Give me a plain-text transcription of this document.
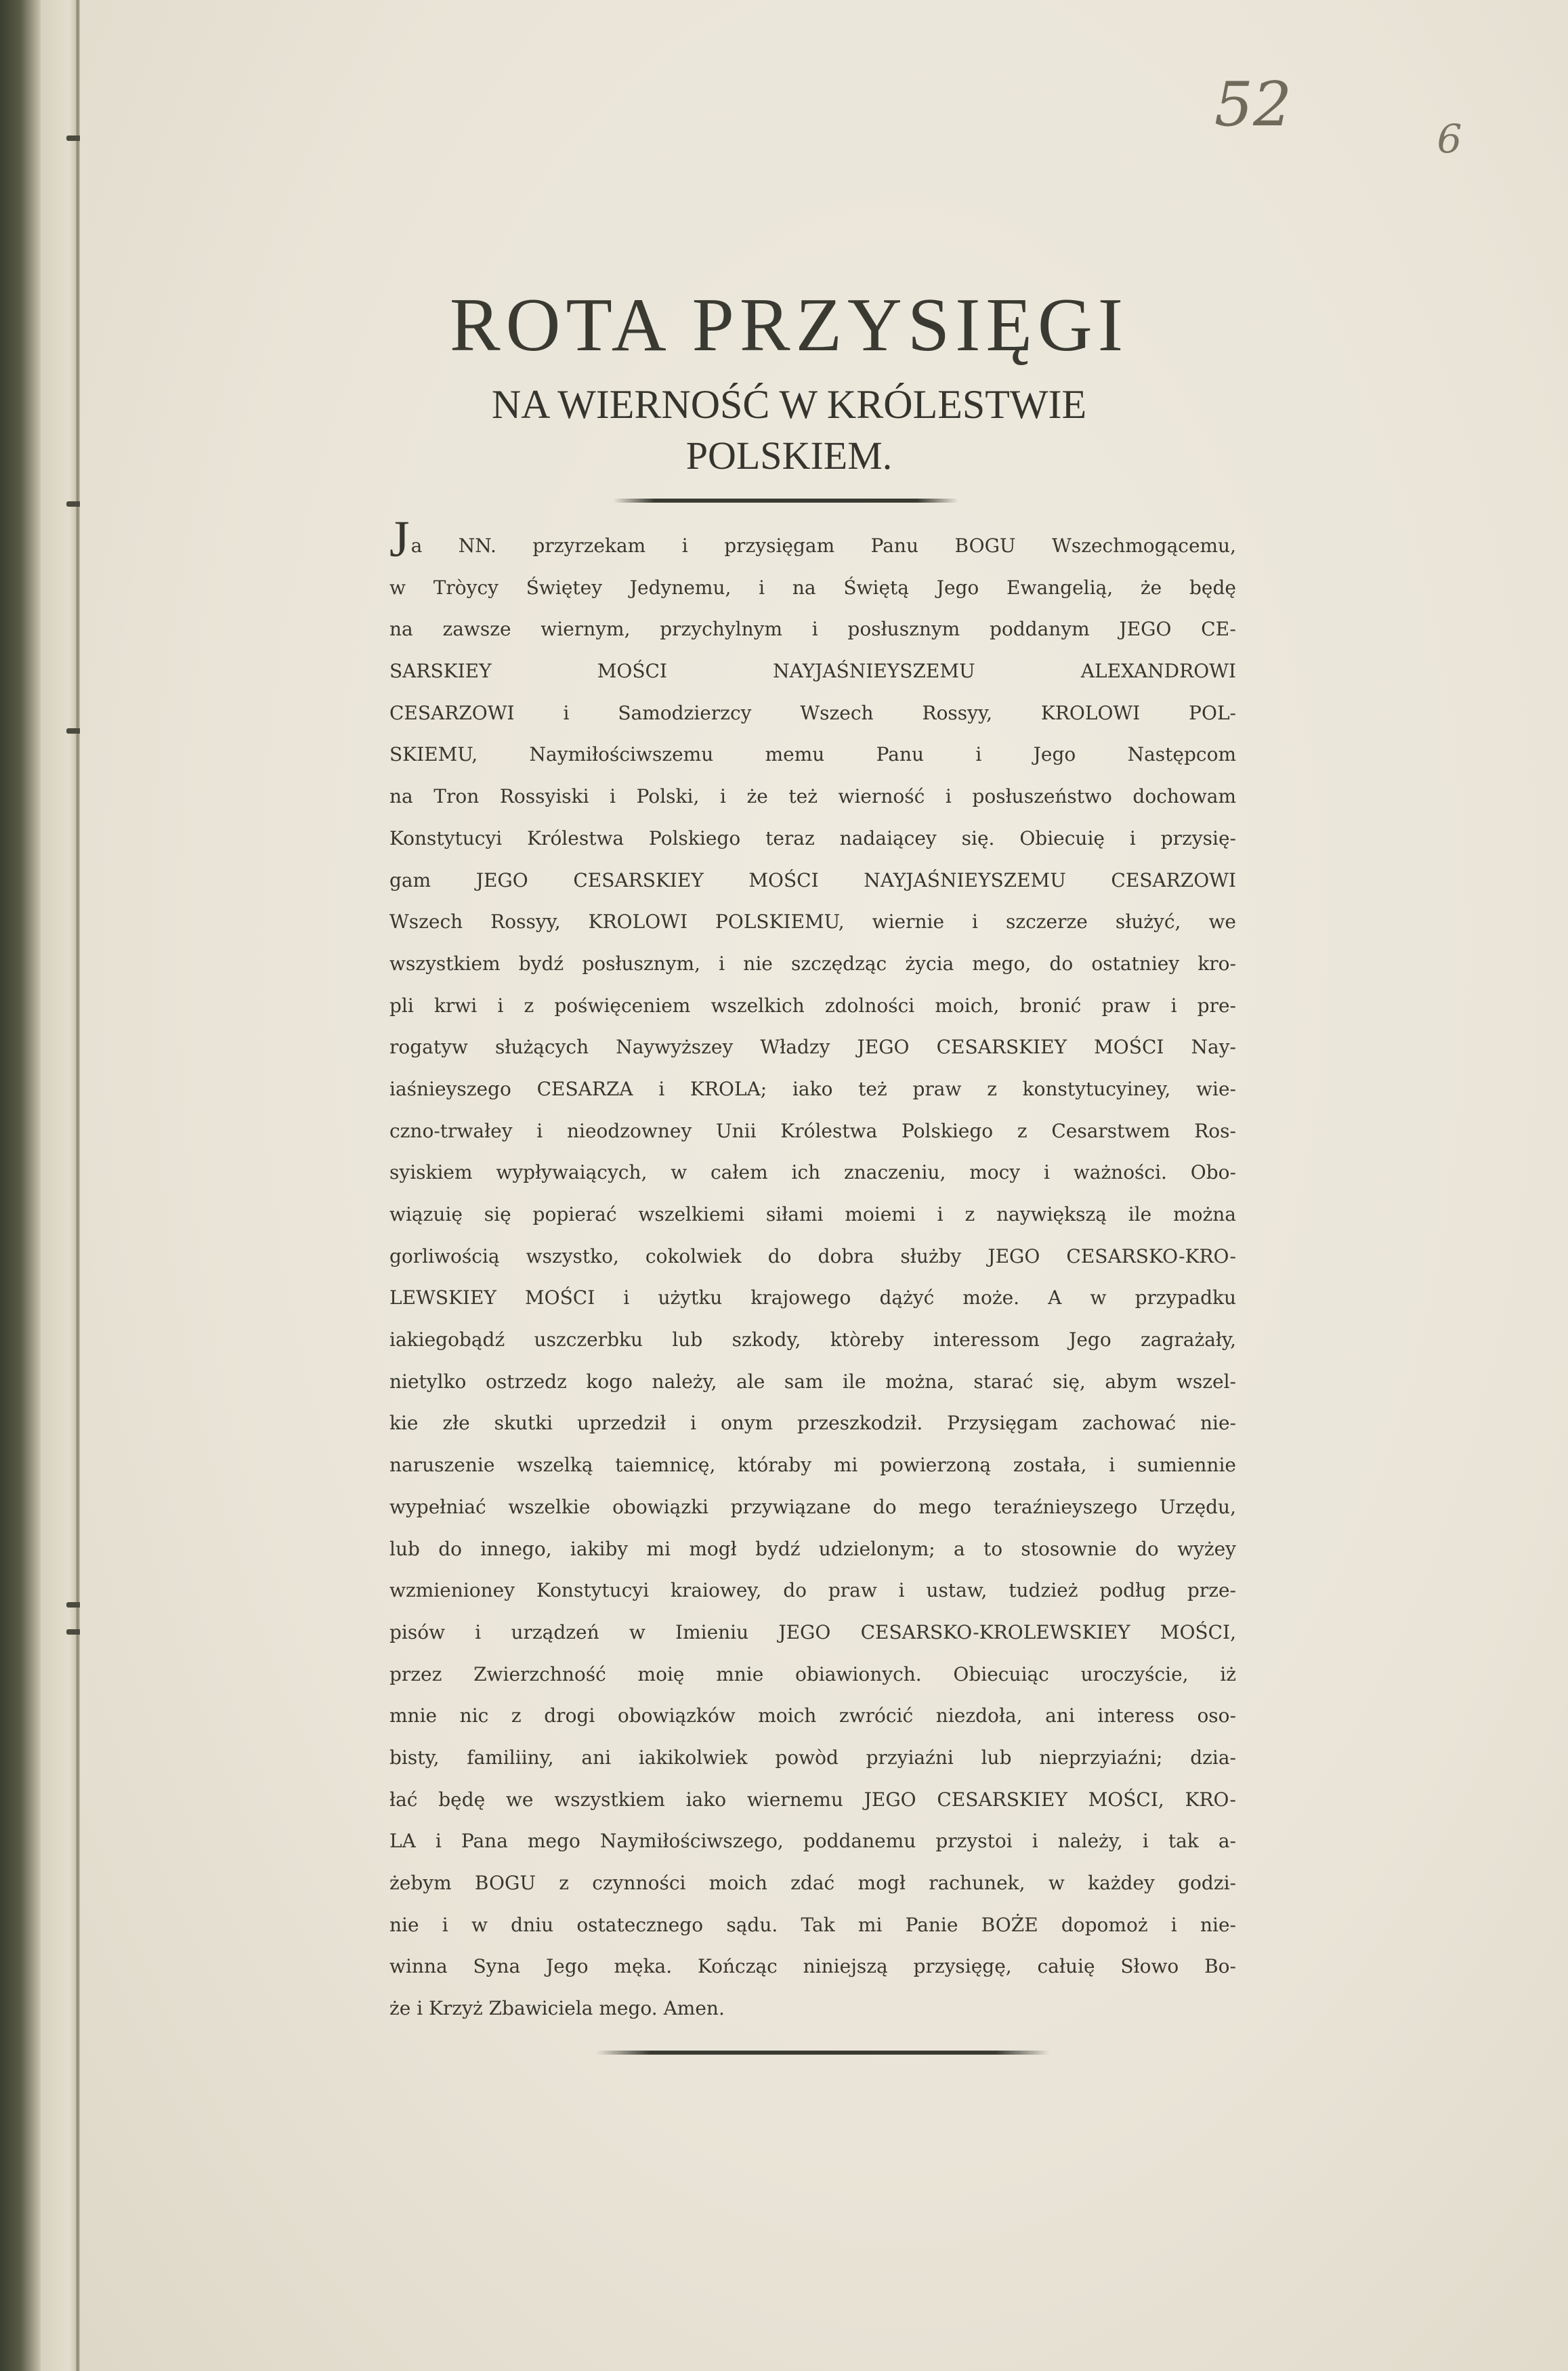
52	6
ROTA PRZYSIĘGI
NA WIERNOŚĆ W KRÓLESTWIE
POLSKIEM.
Ja NN. przyrzekam i przysięgam Panu BOGU Wszechmogącemu,
w Tròycy Świętey Jedynemu, i na Świętą Jego Ewangelią, że będę
na zawsze wiernym, przychylnym i posłusznym poddanym JEGO CE-
SARSKIEY MOŚCI NAYJAŚNIEYSZEMU ALEXANDROWI
CESARZOWI i Samodzierzcy Wszech Rossyy, KROLOWI POL-
SKIEMU, Naymiłościwszemu memu Panu i Jego Następcom
na Tron Rossyiski i Polski, i że też wierność i posłuszeństwo dochowam
Konstytucyi Królestwa Polskiego teraz nadaiącey się. Obiecuię i przysię-
gam JEGO CESARSKIEY MOŚCI NAYJAŚNIEYSZEMU CESARZOWI
Wszech Rossyy, KROLOWI POLSKIEMU, wiernie i szczerze służyć, we
wszystkiem bydź posłusznym, i nie szczędząc życia mego, do ostatniey kro-
pli krwi i z poświęceniem wszelkich zdolności moich, bronić praw i pre-
rogatyw służących Naywyższey Władzy JEGO CESARSKIEY MOŚCI Nay-
iaśnieyszego CESARZA i KROLA; iako też praw z konstytucyiney, wie-
czno-trwałey i nieodzowney Unii Królestwa Polskiego z Cesarstwem Ros-
syiskiem wypływaiących, w całem ich znaczeniu, mocy i ważności. Obo-
wiązuię się popierać wszelkiemi siłami moiemi i z naywiększą ile można
gorliwością wszystko, cokolwiek do dobra służby JEGO CESARSKO-KRO-
LEWSKIEY MOŚCI i użytku krajowego dążyć może. A w przypadku
iakiegobądź uszczerbku lub szkody, ktòreby interessom Jego zagrażały,
nietylko ostrzedz kogo należy, ale sam ile można, starać się, abym wszel-
kie złe skutki uprzedził i onym przeszkodził. Przysięgam zachować nie-
naruszenie wszelką taiemnicę, któraby mi powierzoną została, i sumiennie
wypełniać wszelkie obowiązki przywiązane do mego teraźnieyszego Urzędu,
lub do innego, iakiby mi mogł bydź udzielonym; a to stosownie do wyżey
wzmienioney Konstytucyi kraiowey, do praw i ustaw, tudzież podług prze-
pisów i urządzeń w Imieniu JEGO CESARSKO-KROLEWSKIEY MOŚCI,
przez Zwierzchność moię mnie obiawionych. Obiecuiąc uroczyście, iż
mnie nic z drogi obowiązków moich zwrócić niezdoła, ani interess oso-
bisty, familiiny, ani iakikolwiek powòd przyiaźni lub nieprzyiaźni; dzia-
łać będę we wszystkiem iako wiernemu JEGO CESARSKIEY MOŚCI, KRO-
LA i Pana mego Naymiłościwszego, poddanemu przystoi i należy, i tak a-
żebym BOGU z czynności moich zdać mogł rachunek, w każdey godzi-
nie i w dniu ostatecznego sądu. Tak mi Panie BOŻE dopomoż i nie-
winna Syna Jego męka. Kończąc niniejszą przysięgę, całuię Słowo Bo-
że i Krzyż Zbawiciela mego. Amen.
